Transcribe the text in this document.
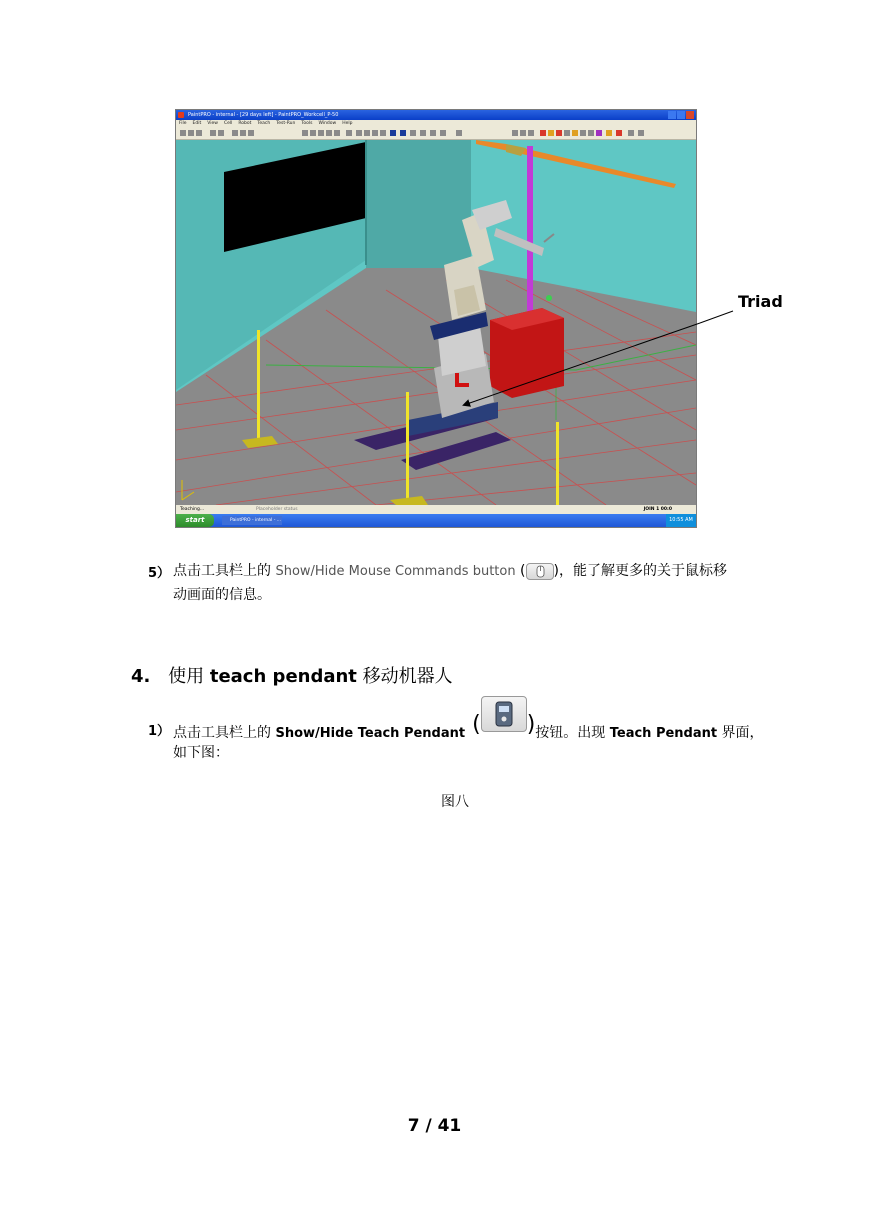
PaintPRO - internal - [29 days left] - PaintPRO_Workcell_P-50
File Edit View Cell Robot Teach Test-Run Tools Window Help
Teaching...	Placeholder status	JOIN 1 00:0
start	PaintPRO - internal - ...	10:55 AM
Triad
5） 点击工具栏上的 Show/Hide Mouse Commands button ( )，能了解更多的关于鼠标移
动画面的信息。
4. 使用 teach pendant 移动机器人
1） 点击工具栏上的 Show/Hide Teach Pendant ( )按钮。出现 Teach Pendant 界面，
如下图：
图八
7 / 41
